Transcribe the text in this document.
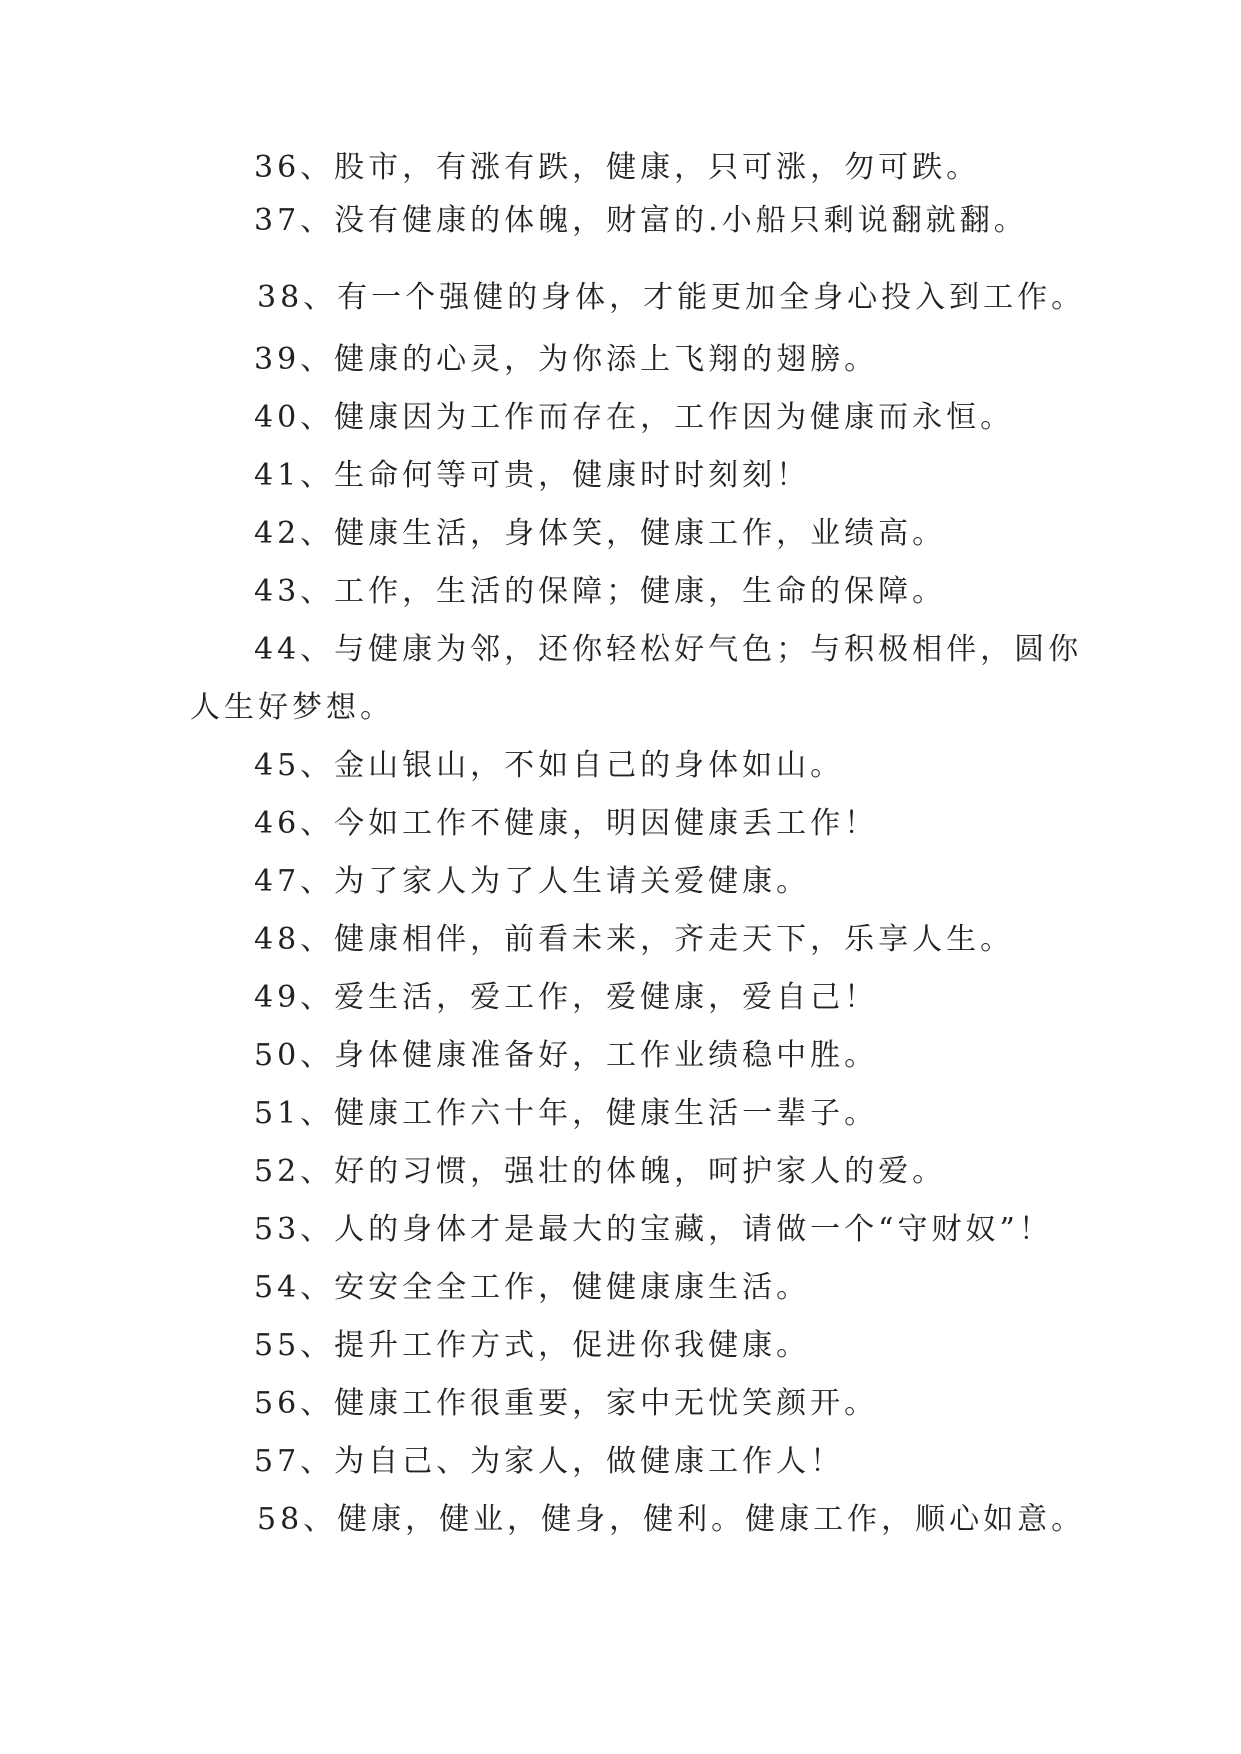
36、股市，有涨有跌，健康，只可涨，勿可跌。
37、没有健康的体魄，财富的.小船只剩说翻就翻。
38、有一个强健的身体，才能更加全身心投入到工作。
39、健康的心灵，为你添上飞翔的翅膀。
40、健康因为工作而存在，工作因为健康而永恒。
41、生命何等可贵，健康时时刻刻！
42、健康生活，身体笑，健康工作，业绩高。
43、工作，生活的保障；健康，生命的保障。
44、与健康为邻，还你轻松好气色；与积极相伴，圆你
人生好梦想。
45、金山银山，不如自己的身体如山。
46、今如工作不健康，明因健康丢工作！
47、为了家人为了人生请关爱健康。
48、健康相伴，前看未来，齐走天下，乐享人生。
49、爱生活，爱工作，爱健康，爱自己！
50、身体健康准备好，工作业绩稳中胜。
51、健康工作六十年，健康生活一辈子。
52、好的习惯，强壮的体魄，呵护家人的爱。
53、人的身体才是最大的宝藏，请做一个“守财奴”！
54、安安全全工作，健健康康生活。
55、提升工作方式，促进你我健康。
56、健康工作很重要，家中无忧笑颜开。
57、为自己、为家人，做健康工作人！
58、健康，健业，健身，健利。健康工作，顺心如意。
